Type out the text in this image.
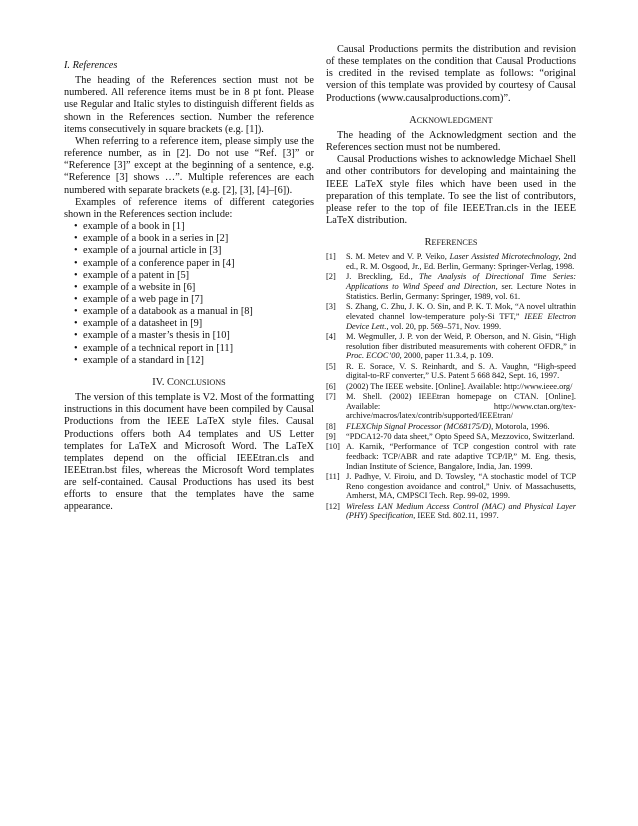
I. References

The heading of the References section must not be numbered. All reference items must be in 8 pt font. Please use Regular and Italic styles to distinguish different fields as shown in the References section. Number the reference items consecutively in square brackets (e.g. [1]).

When referring to a reference item, please simply use the reference number, as in [2]. Do not use “Ref. [3]” or “Reference [3]” except at the beginning of a sentence, e.g. “Reference [3] shows …”. Multiple references are each numbered with separate brackets (e.g. [2], [3], [4]–[6]).

Examples of reference items of different categories shown in the References section include:

• example of a book in [1]
• example of a book in a series in [2]
• example of a journal article in [3]
• example of a conference paper in [4]
• example of a patent in [5]
• example of a website in [6]
• example of a web page in [7]
• example of a databook as a manual in [8]
• example of a datasheet in [9]
• example of a master’s thesis in [10]
• example of a technical report in [11]
• example of a standard in [12]
IV. CONCLUSIONS

The version of this template is V2. Most of the formatting instructions in this document have been compiled by Causal Productions from the IEEE LaTeX style files. Causal Productions offers both A4 templates and US Letter templates for LaTeX and Microsoft Word. The LaTeX templates depend on the official IEEEtran.cls and IEEEtran.bst files, whereas the Microsoft Word templates are self-contained. Causal Productions has used its best efforts to ensure that the templates have the same appearance.

Causal Productions permits the distribution and revision of these templates on the condition that Causal Productions is credited in the revised template as follows: “original version of this template was provided by courtesy of Causal Productions (www.causalproductions.com)”.

ACKNOWLEDGMENT

The heading of the Acknowledgment section and the References section must not be numbered.

Causal Productions wishes to acknowledge Michael Shell and other contributors for developing and maintaining the IEEE LaTeX style files which have been used in the preparation of this template. To see the list of contributors, please refer to the top of file IEEETran.cls in the IEEE LaTeX distribution.

REFERENCES
[1] S. M. Metev and V. P. Veiko, Laser Assisted Microtechnology, 2nd ed., R. M. Osgood, Jr., Ed. Berlin, Germany: Springer-Verlag, 1998.
[2] J. Breckling, Ed., The Analysis of Directional Time Series: Applications to Wind Speed and Direction, ser. Lecture Notes in Statistics. Berlin, Germany: Springer, 1989, vol. 61.
[3] S. Zhang, C. Zhu, J. K. O. Sin, and P. K. T. Mok, “A novel ultrathin elevated channel low-temperature poly-Si TFT,” IEEE Electron Device Lett., vol. 20, pp. 569–571, Nov. 1999.
[4] M. Wegmuller, J. P. von der Weid, P. Oberson, and N. Gisin, “High resolution fiber distributed measurements with coherent OFDR,” in Proc. ECOC’00, 2000, paper 11.3.4, p. 109.
[5] R. E. Sorace, V. S. Reinhardt, and S. A. Vaughn, “High-speed digital-to-RF converter,” U.S. Patent 5 668 842, Sept. 16, 1997.
[6] (2002) The IEEE website. [Online]. Available: http://www.ieee.org/
[7] M. Shell. (2002) IEEEtran homepage on CTAN. [Online]. Available: http://www.ctan.org/tex-archive/macros/latex/contrib/supported/IEEEtran/
[8] FLEXChip Signal Processor (MC68175/D), Motorola, 1996.
[9] “PDCA12-70 data sheet,” Opto Speed SA, Mezzovico, Switzerland.
[10] A. Karnik, “Performance of TCP congestion control with rate feedback: TCP/ABR and rate adaptive TCP/IP,” M. Eng. thesis, Indian Institute of Science, Bangalore, India, Jan. 1999.
[11] J. Padhye, V. Firoiu, and D. Towsley, “A stochastic model of TCP Reno congestion avoidance and control,” Univ. of Massachusetts, Amherst, MA, CMPSCI Tech. Rep. 99-02, 1999.
[12] Wireless LAN Medium Access Control (MAC) and Physical Layer (PHY) Specification, IEEE Std. 802.11, 1997.
